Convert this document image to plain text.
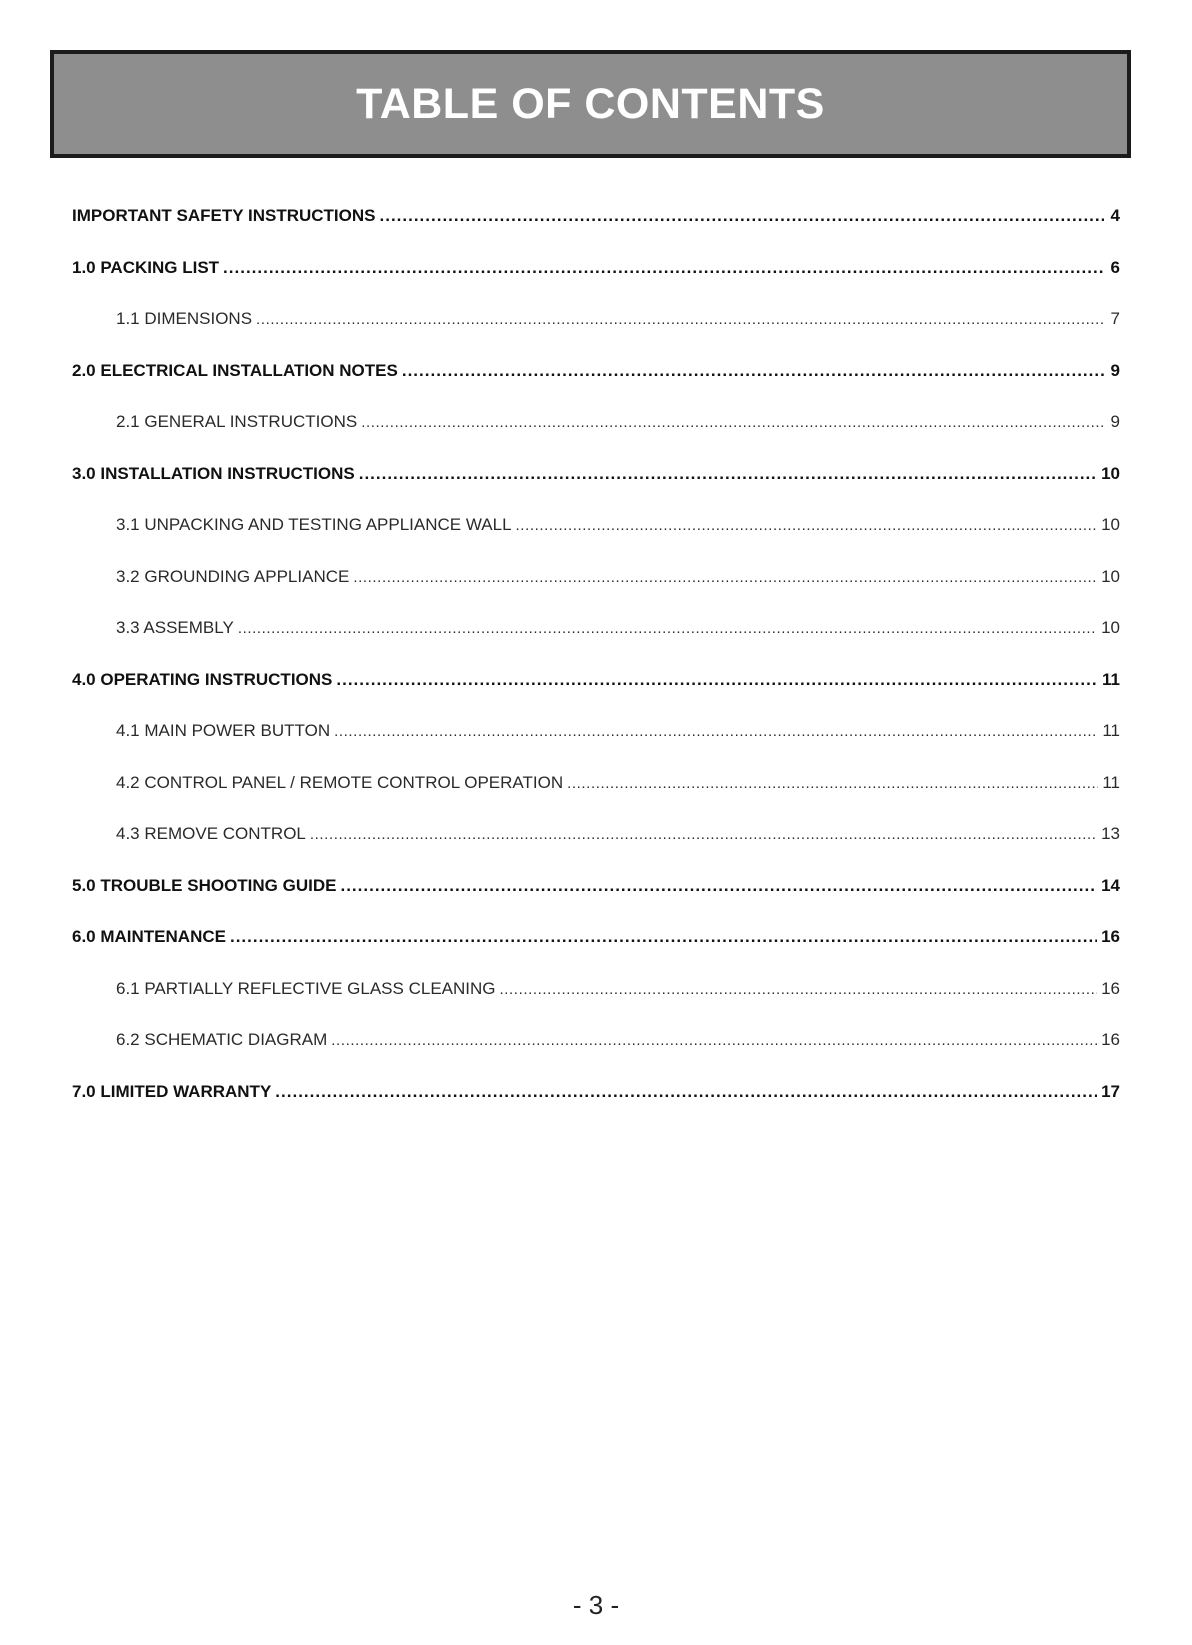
TABLE OF CONTENTS
IMPORTANT SAFETY INSTRUCTIONS .....	4
1.0 PACKING LIST .....	6
1.1 DIMENSIONS .....	7
2.0 ELECTRICAL INSTALLATION NOTES .....	9
2.1 GENERAL INSTRUCTIONS .....	9
3.0 INSTALLATION INSTRUCTIONS .....	10
3.1 UNPACKING AND TESTING APPLIANCE WALL .....	10
3.2 GROUNDING APPLIANCE .....	10
3.3 ASSEMBLY .....	10
4.0 OPERATING INSTRUCTIONS .....	11
4.1 MAIN POWER BUTTON .....	11
4.2 CONTROL PANEL / REMOTE CONTROL OPERATION .....	11
4.3 REMOVE CONTROL .....	13
5.0 TROUBLE SHOOTING GUIDE .....	14
6.0 MAINTENANCE .....	16
6.1 PARTIALLY REFLECTIVE GLASS CLEANING .....	16
6.2 SCHEMATIC DIAGRAM .....	16
7.0 LIMITED WARRANTY .....	17
- 3 -
